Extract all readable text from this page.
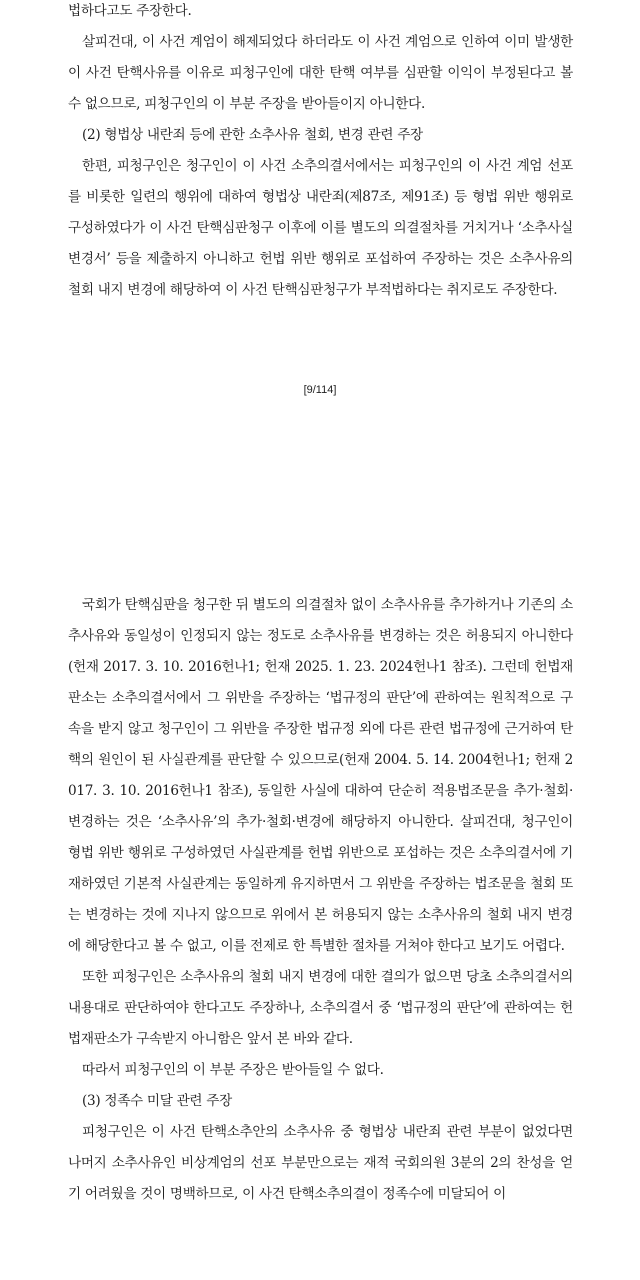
법하다고도 주장한다.

살피건대, 이 사건 계엄이 해제되었다 하더라도 이 사건 계엄으로 인하여 이미 발생한 이 사건 탄핵사유를 이유로 피청구인에 대한 탄핵 여부를 심판할 이익이 부정된다고 볼 수 없으므로, 피청구인의 이 부분 주장을 받아들이지 아니한다.

(2) 형법상 내란죄 등에 관한 소추사유 철회, 변경 관련 주장

한편, 피청구인은 청구인이 이 사건 소추의결서에서는 피청구인의 이 사건 계엄 선포를 비롯한 일련의 행위에 대하여 형법상 내란죄(제87조, 제91조) 등 형법 위반 행위로 구성하였다가 이 사건 탄핵심판청구 이후에 이를 별도의 의결절차를 거치거나 ‘소추사실변경서’ 등을 제출하지 아니하고 헌법 위반 행위로 포섭하여 주장하는 것은 소추사유의 철회 내지 변경에 해당하여 이 사건 탄핵심판청구가 부적법하다는 취지로도 주장한다.

[9/114]

국회가 탄핵심판을 청구한 뒤 별도의 의결절차 없이 소추사유를 추가하거나 기존의 소추사유와 동일성이 인정되지 않는 정도로 소추사유를 변경하는 것은 허용되지 아니한다(헌재 2017. 3. 10. 2016헌나1; 헌재 2025. 1. 23. 2024헌나1 참조). 그런데 헌법재판소는 소추의결서에서 그 위반을 주장하는 ‘법규정의 판단’에 관하여는 원칙적으로 구속을 받지 않고 청구인이 그 위반을 주장한 법규정 외에 다른 관련 법규정에 근거하여 탄핵의 원인이 된 사실관계를 판단할 수 있으므로(헌재 2004. 5. 14. 2004헌나1; 헌재 2017. 3. 10. 2016헌나1 참조), 동일한 사실에 대하여 단순히 적용법조문을 추가·철회·변경하는 것은 ‘소추사유’의 추가·철회·변경에 해당하지 아니한다. 살피건대, 청구인이 형법 위반 행위로 구성하였던 사실관계를 헌법 위반으로 포섭하는 것은 소추의결서에 기재하였던 기본적 사실관계는 동일하게 유지하면서 그 위반을 주장하는 법조문을 철회 또는 변경하는 것에 지나지 않으므로 위에서 본 허용되지 않는 소추사유의 철회 내지 변경에 해당한다고 볼 수 없고, 이를 전제로 한 특별한 절차를 거쳐야 한다고 보기도 어렵다.

또한 피청구인은 소추사유의 철회 내지 변경에 대한 결의가 없으면 당초 소추의결서의 내용대로 판단하여야 한다고도 주장하나, 소추의결서 중 ‘법규정의 판단’에 관하여는 헌법재판소가 구속받지 아니함은 앞서 본 바와 같다.

따라서 피청구인의 이 부분 주장은 받아들일 수 없다.

(3) 정족수 미달 관련 주장

피청구인은 이 사건 탄핵소추안의 소추사유 중 형법상 내란죄 관련 부분이 없었다면 나머지 소추사유인 비상계엄의 선포 부분만으로는 재적 국회의원 3분의 2의 찬성을 얻기 어려웠을 것이 명백하므로, 이 사건 탄핵소추의결이 정족수에 미달되어 이
